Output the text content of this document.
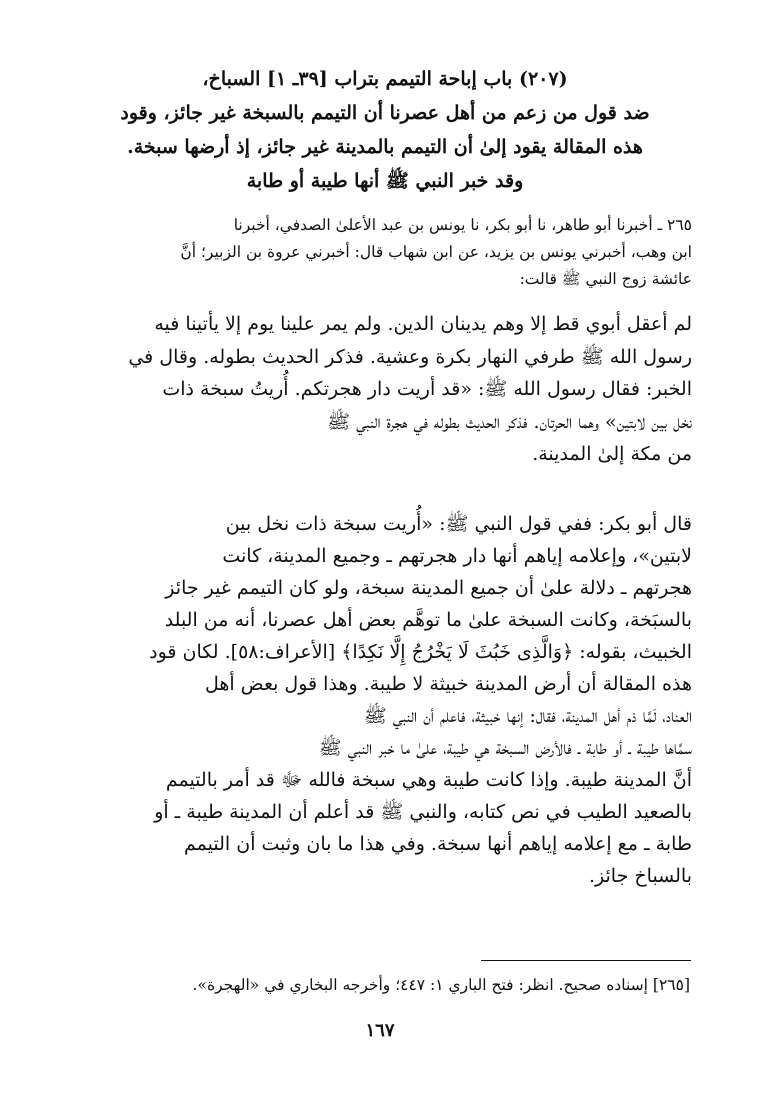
(٢٠٧) باب إباحة التيمم بتراب [٣٩ـ ١] السباخ،
ضد قول من زعم من أهل عصرنا أن التيمم بالسبخة غير جائز، وقود
هذه المقالة يقود إلىٰ أن التيمم بالمدينة غير جائز، إذ أرضها سبخة.
وقد خبر النبي ﷺ أنها طيبة أو طابة

٢٦٥ ـ أخبرنا أبو طاهر، نا أبو بكر، نا يونس بن عبد الأعلىٰ الصدفي، أخبرنا

ابن وهب، أخبرني يونس بن يزيد، عن ابن شهاب قال: أخبرني عروة بن الزبير؛ أنَّ

عائشة زوج النبي ﷺ قالت:

لم أعقل أبوي قط إلا وهم يدينان الدين. ولم يمر علينا يوم إلا يأتينا فيه

رسول الله ﷺ طرفي النهار بكرة وعشية. فذكر الحديث بطوله. وقال في

الخبر: فقال رسول الله ﷺ: «قد أريت دار هجرتكم. أُريتُ سبخة ذات

نخل بين لابتين» وهما الحرتان. فذكر الحديث بطوله في هجرة النبي ﷺ

من مكة إلىٰ المدينة.

قال أبو بكر: ففي قول النبي ﷺ: «أُريت سبخة ذات نخل بين

لابتين»، وإعلامه إياهم أنها دار هجرتهم ـ وجميع المدينة، كانت

هجرتهم ـ دلالة علىٰ أن جميع المدينة سبخة، ولو كان التيمم غير جائز

بالسبَخة، وكانت السبخة علىٰ ما توهَّم بعض أهل عصرنا، أنه من البلد

الخبيث، بقوله: ﴿وَالَّذِى خَبُثَ لَا يَخْرُجُ إِلَّا نَكِدًا﴾ [الأعراف:٥٨]. لكان قود

هذه المقالة أن أرض المدينة خبيثة لا طيبة. وهذا قول بعض أهل

العناد، لَمَّا ذم أهل المدينة، فقال: إنها خبيثة، فاعلم أن النبي ﷺ

سمَّاها طيبة ـ أو طابة ـ فالأرض السبخة هي طيبة، علىٰ ما خبر النبي ﷺ

أنَّ المدينة طيبة. وإذا كانت طيبة وهي سبخة فالله ﷻ قد أمر بالتيمم

بالصعيد الطيب في نص كتابه، والنبي ﷺ قد أعلم أن المدينة طيبة ـ أو

طابة ـ مع إعلامه إياهم أنها سبخة. وفي هذا ما بان وثبت أن التيمم

بالسباخ جائز.

[٢٦٥] إسناده صحيح. انظر: فتح الباري ١: ٤٤٧؛ وأخرجه البخاري في «الهجرة».
١٦٧
